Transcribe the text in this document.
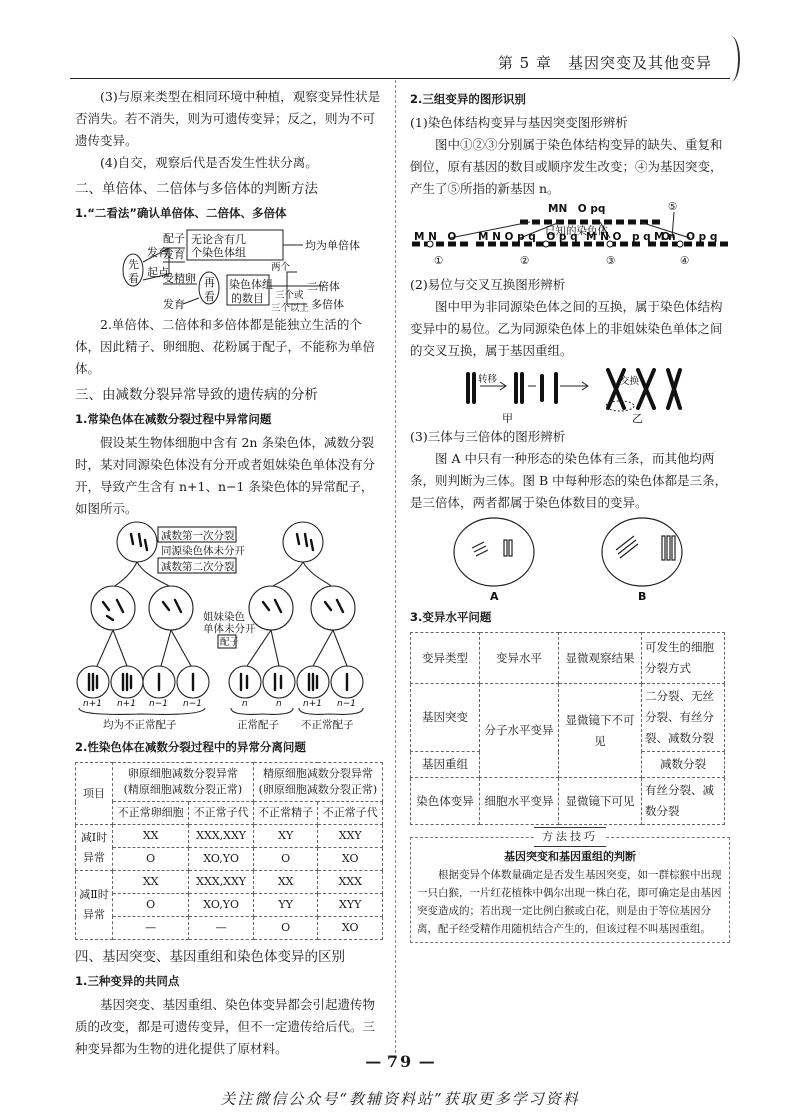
第 5 章　基因突变及其他变异

(3)与原来类型在相同环境中种植，观察变异性状是否消失。若不消失，则为可遗传变异；反之，则为不可遗传变异。

(4)自交，观察后代是否发生性状分离。

二、单倍体、二倍体与多倍体的判断方法
1.“二看法”确认单倍体、二倍体、多倍体
先
看
发育
起点
配子
发育
无论含有几
个染色体组
均为单倍体
受精卵
发育
再
看
染色体组
的数目
两个
二倍体
三个或
三个以上 多倍体

2.单倍体、二倍体和多倍体都是能独立生活的个体，因此精子、卵细胞、花粉属于配子，不能称为单倍体。

三、由减数分裂异常导致的遗传病的分析
1.常染色体在减数分裂过程中异常问题

假设某生物体细胞中含有 2n 条染色体，减数分裂时，某对同源染色体没有分开或者姐妹染色单体没有分开，导致产生含有 n+1、n−1 条染色体的异常配子，如图所示。

减数第一次分裂
同源染色体未分开
减数第二次分裂
姐妹染色
单体未分开
配子
n+1 n+1 n−1 n−1	n	n n+1 n−1
均为不正常配子	正常配子 不正常配子
2.性染色体在减数分裂过程中的异常分离问题
项目	卵原细胞减数分裂异常
(精原细胞减数分裂正常)		精原细胞减数分裂异常
(卵原细胞减数分裂正常)	
	不正常卵细胞	不正常子代	不正常精子	不正常子代
减Ⅰ时
异常	XX	XXX,XXY	XY	XXY
	O	XO,YO	O	XO
减Ⅱ时
异常	XX	XXX,XXY	XX	XXX
	O	XO,YO	YY	XYY
	—	—	O	XO
四、基因突变、基因重组和染色体变异的区别
1.三种变异的共同点

基因突变、基因重组、染色体变异都会引起遗传物质的改变，都是可遗传变异，但不一定遗传给后代。三种变异都为生物的进化提供了原材料。

2.三组变异的图形识别

(1)染色体结构变异与基因突变图形辨析

图中①②③分别属于染色体结构变异的缺失、重复和倒位，原有基因的数目或顺序发生改变；④为基因突变，产生了⑤所指的新基因 n。

MN　O pq
M N　O M N O p q　O p q M N O　p q　O
M n　O p q
已知的染色体
⑤
①	②	③	④

(2)易位与交叉互换图形辨析

图中甲为非同源染色体之间的互换，属于染色体结构变异中的易位。乙为同源染色体上的非姐妹染色单体之间的交叉互换，属于基因重组。

转移	交换
甲	乙

(3)三体与三倍体的图形辨析

图 A 中只有一种形态的染色体有三条，而其他均两条，则判断为三体。图 B 中每种形态的染色体都是三条，是三倍体，两者都属于染色体数目的变异。

A	B
3.变异水平问题
变异类型	变异水平	显微观察结果	可发生的细胞分裂方式
基因突变	分子水平变异	显微镜下不可见	二分裂、无丝分裂、有丝分裂、减数分裂
基因重组			减数分裂
染色体变异	细胞水平变异	显微镜下可见	有丝分裂、减数分裂
方法技巧
基因突变和基因重组的判断

根据变异个体数量确定是否发生基因突变，如一群棕猴中出现一只白猴，一片红花植株中偶尔出现一株白花，即可确定是由基因突变造成的；若出现一定比例白猴或白花，则是由于等位基因分离，配子经受精作用随机结合产生的，但该过程不叫基因重组。

— 79 —
关注微信公众号“教辅资料站”获取更多学习资料
